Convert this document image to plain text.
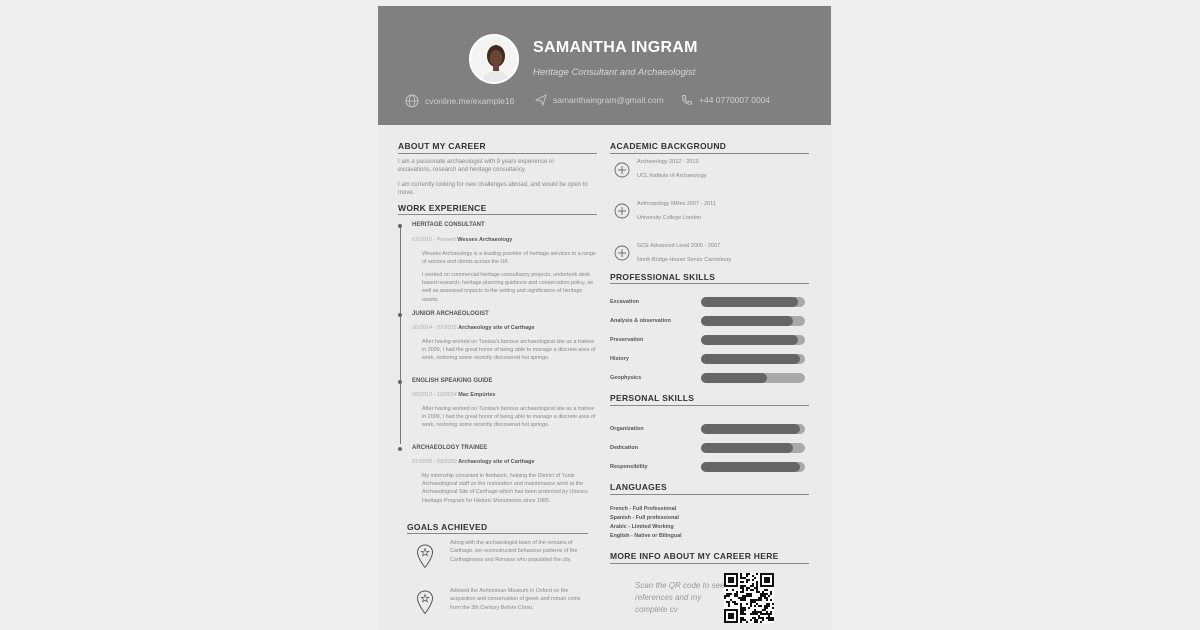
SAMANTHA INGRAM
Heritage Consultant and Archaeologist
cvonline.me/example16	samanthaingram@gmail.com	+44 0770007 0004
ABOUT MY CAREER
I am a passionate archaeologist with 9 years experience in excavations, research and heritage consultancy.
I am currently looking for new challenges abroad, and would be open to move.
WORK EXPERIENCE
HERITAGE CONSULTANT
07/2015 - Present Wessex Archaeology
Wessex Archaeology is a leading provider of heritage services to a range of sectors and clients across the UK.
I worked on commercial heritage consultancy projects, undertook desk based research, heritage planning guidance and conservation policy, as well as assessed impacts to the setting and significance of heritage assets.
JUNIOR ARCHAEOLOGIST
10/2014 - 07/2015 Archaeology site of Carthage
After having worked on Tunisia's famous archaeological site as a trainee in 2009, I had the great honor of being able to manage a discrete area of work, restoring some recently discovered hot springs.
ENGLISH SPEAKING GUIDE
06/2013 - 10/2014 Mac Empúries
After having worked on Tunisia's famous archaeological site as a trainee in 2009, I had the great honor of being able to manage a discrete area of work, restoring some recently discovered hot springs.
ARCHAEOLOGY TRAINEE
07/2009 - 09/2009 Archaeology site of Carthage
My internship consisted in fieldwork, helping the District of Tunis Archaeological staff on the restoration and maintenance work at the Archaeological Site of Carthage which has been protected by Unesco Heritage Program for Historic Monuments since 1985.
GOALS ACHIEVED
Along with the archaeologist team of the remains of Carthage, we reconstructed behaviour patterns of the Carthaginians and Romans who populated the city.
Advised the Ashmolean Museum in Oxford on the acquisition and conservation of greek and roman coins from the 3th Century Before Christ.
ACADEMIC BACKGROUND
Archaeology 2012 - 2013
UCL Institute of Archaeology
Anthropology MRes 2007 - 2011
University College London
GCE Advanced Level 2000 - 2007
North Bridge House Senior Canonbury
PROFESSIONAL SKILLS
Excavation
Analysis & observation
Preservation
History
Geophysics
PERSONAL SKILLS
Organization
Dedication
Responsibility
LANGUAGES
French - Full Professional
Spanish - Full professional
Arabic - Limited Working
English - Native or Bilingual
MORE INFO ABOUT MY CAREER HERE
Scan the QR code to see references and my complete cv
